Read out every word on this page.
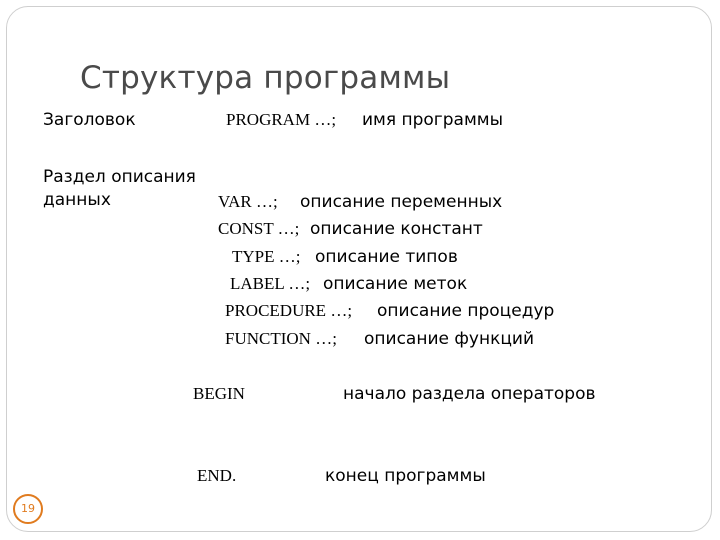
Структура программы
Заголовок	PROGRAM …; имя программы
Раздел описания
данных	VAR …; описание переменных
CONST …; описание констант
TYPE …; описание типов
LABEL …; описание меток
PROCEDURE …; описание процедур
FUNCTION …; описание функций
BEGIN	начало раздела операторов
END.	конец программы
19
